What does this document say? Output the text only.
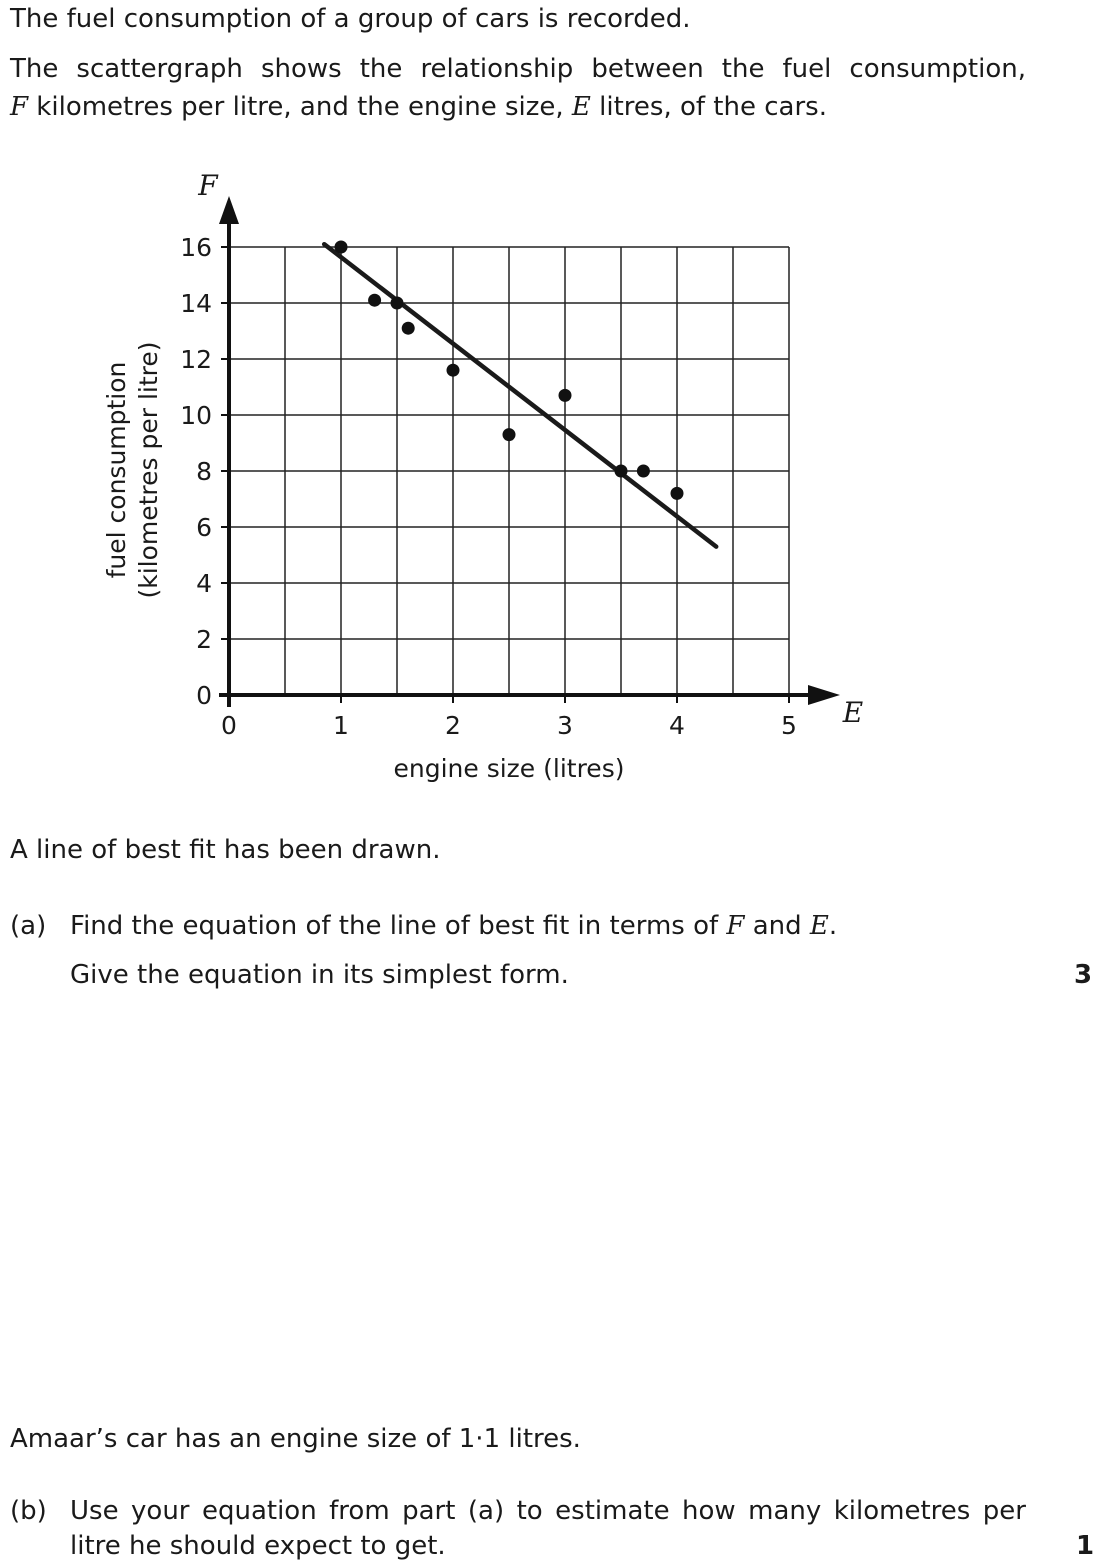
The fuel consumption of a group of cars is recorded.
The scattergraph shows the relationship between the fuel consumption,
F kilometres per litre, and the engine size, E litres, of the cars.
0
2
4
6
8
10
12
14
16
0	1	2	3	4	5
F
E
engine size (litres)
fuel consumption (kilometres per litre)
A line of best fit has been drawn.
(a) Find the equation of the line of best fit in terms of F and E.
Give the equation in its simplest form.	3
Amaar’s car has an engine size of 1·1 litres.
(b) Use your equation from part (a) to estimate how many kilometres per
litre he should expect to get.	1
